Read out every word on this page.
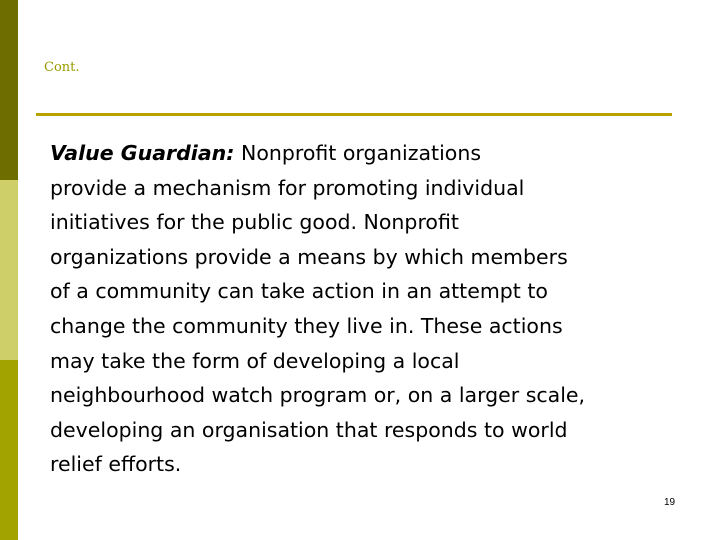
Cont.
Value Guardian: Nonprofit organizations
provide a mechanism for promoting individual
initiatives for the public good. Nonprofit
organizations provide a means by which members
of a community can take action in an attempt to
change the community they live in. These actions
may take the form of developing a local
neighbourhood watch program or, on a larger scale,
developing an organisation that responds to world
relief efforts.
19
